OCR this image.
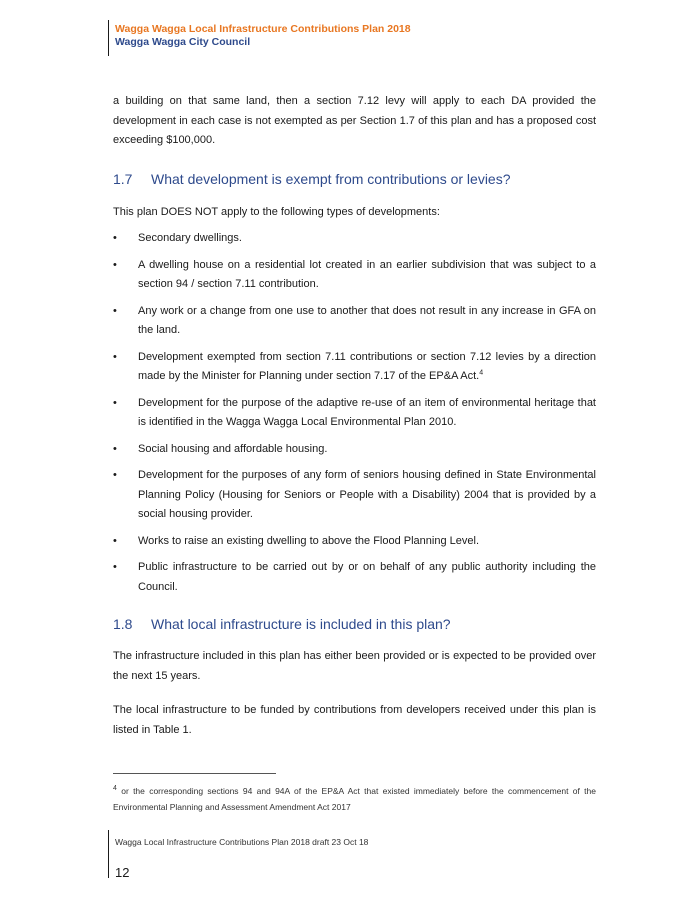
Wagga Wagga Local Infrastructure Contributions Plan 2018
Wagga Wagga City Council

a building on that same land, then a section 7.12 levy will apply to each DA provided the development in each case is not exempted as per Section 1.7 of this plan and has a proposed cost exceeding $100,000.

1.7	What development is exempt from contributions or levies?

This plan DOES NOT apply to the following types of developments:

•	Secondary dwellings.
•	A dwelling house on a residential lot created in an earlier subdivision that was subject to a section 94 / section 7.11 contribution.
•	Any work or a change from one use to another that does not result in any increase in GFA on the land.
•	Development exempted from section 7.11 contributions or section 7.12 levies by a direction made by the Minister for Planning under section 7.17 of the EP&A Act.$^4$
•	Development for the purpose of the adaptive re-use of an item of environmental heritage that is identified in the Wagga Wagga Local Environmental Plan 2010.
•	Social housing and affordable housing.
•	Development for the purposes of any form of seniors housing defined in State Environmental Planning Policy (Housing for Seniors or People with a Disability) 2004 that is provided by a social housing provider.
•	Works to raise an existing dwelling to above the Flood Planning Level.
•	Public infrastructure to be carried out by or on behalf of any public authority including the Council.
1.8	What local infrastructure is included in this plan?

The infrastructure included in this plan has either been provided or is expected to be provided over the next 15 years.

The local infrastructure to be funded by contributions from developers received under this plan is listed in Table 1.

$^4$ or the corresponding sections 94 and 94A of the EP&A Act that existed immediately before the commencement of the Environmental Planning and Assessment Amendment Act 2017
Wagga Local Infrastructure Contributions Plan 2018 draft 23 Oct 18
12
